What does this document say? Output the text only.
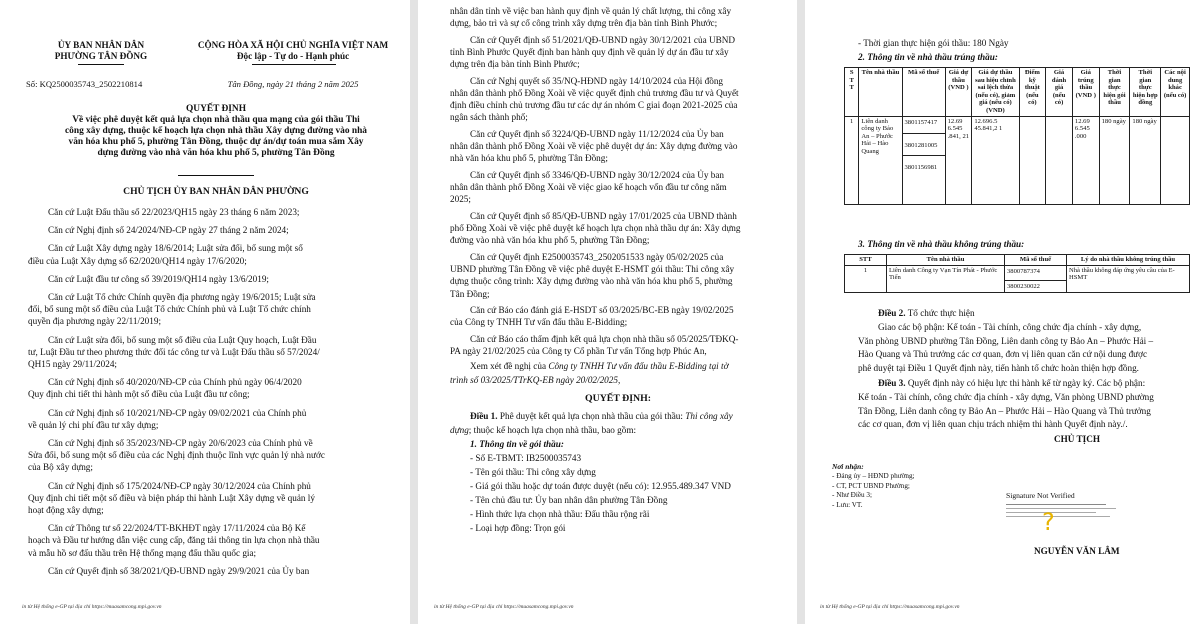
ỦY BAN NHÂN DÂN
PHƯỜNG TÂN ĐỒNG
CỘNG HÒA XÃ HỘI CHỦ NGHĨA VIỆT NAM
Độc lập - Tự do - Hạnh phúc
Số: KQ2500035743_2502210814	Tân Đồng, ngày 21 tháng 2 năm 2025
QUYẾT ĐỊNH
Về việc phê duyệt kết quả lựa chọn nhà thầu qua mạng của gói thầu Thi
công xây dựng, thuộc kế hoạch lựa chọn nhà thầu Xây dựng đường vào nhà
văn hóa khu phố 5, phường Tân Đồng, thuộc dự án/dự toán mua sắm Xây
dựng đường vào nhà văn hóa khu phố 5, phường Tân Đồng
CHỦ TỊCH ỦY BAN NHÂN DÂN PHƯỜNG
Căn cứ Luật Đấu thầu số 22/2023/QH15 ngày 23 tháng 6 năm 2023;
Căn cứ Nghị định số 24/2024/NĐ-CP ngày 27 tháng 2 năm 2024;
Căn cứ Luật Xây dựng ngày 18/6/2014; Luật sửa đổi, bổ sung một số
điều của Luật Xây dựng số 62/2020/QH14 ngày 17/6/2020;
Căn cứ Luật đầu tư công số 39/2019/QH14 ngày 13/6/2019;
Căn cứ Luật Tổ chức Chính quyền địa phương ngày 19/6/2015; Luật sửa
đổi, bổ sung một số điều của Luật Tổ chức Chính phủ và Luật Tổ chức chính
quyền địa phương ngày 22/11/2019;
Căn cứ Luật sửa đổi, bổ sung một số điều của Luật Quy hoạch, Luật Đầu
tư, Luật Đầu tư theo phương thức đối tác công tư và Luật Đấu thầu số 57/2024/
QH15 ngày 29/11/2024;
Căn cứ Nghị định số 40/2020/NĐ-CP của Chính phủ ngày 06/4/2020
Quy định chi tiết thi hành một số điều của Luật đầu tư công;
Căn cứ Nghị định số 10/2021/NĐ-CP ngày 09/02/2021 của Chính phủ
về quản lý chi phí đầu tư xây dựng;
Căn cứ Nghị định số 35/2023/NĐ-CP ngày 20/6/2023 của Chính phủ về
Sửa đổi, bổ sung một số điều của các Nghị định thuộc lĩnh vực quản lý nhà nước
của Bộ xây dựng;
Căn cứ Nghị định số 175/2024/NĐ-CP ngày 30/12/2024 của Chính phủ
Quy định chi tiết một số điều và biện pháp thi hành Luật Xây dựng về quản lý
hoạt động xây dựng;
Căn cứ Thông tư số 22/2024/TT-BKHĐT ngày 17/11/2024 của Bộ Kế
hoạch và Đầu tư hướng dẫn việc cung cấp, đăng tải thông tin lựa chọn nhà thầu
và mẫu hồ sơ đấu thầu trên Hệ thống mạng đấu thầu quốc gia;
Căn cứ Quyết định số 38/2021/QĐ-UBND ngày 29/9/2021 của Ủy ban
in từ Hệ thống e-GP tại địa chỉ https://muasamcong.mpi.gov.vn
nhân dân tỉnh về việc ban hành quy định về quản lý chất lượng, thi công xây
dựng, bảo trì và sự cố công trình xây dựng trên địa bàn tỉnh Bình Phước;
Căn cứ Quyết định số 51/2021/QĐ-UBND ngày 30/12/2021 của UBND
tỉnh Bình Phước Quyết định ban hành quy định về quản lý dự án đầu tư xây
dựng trên địa bàn tỉnh Bình Phước;
Căn cứ Nghị quyết số 35/NQ-HĐND ngày 14/10/2024 của Hội đồng
nhân dân thành phố Đồng Xoài về việc quyết định chủ trương đầu tư và Quyết
định điều chỉnh chủ trương đầu tư các dự án nhóm C giai đoạn 2021-2025 của
ngân sách thành phố;
Căn cứ Quyết định số 3224/QĐ-UBND ngày 11/12/2024 của Ủy ban
nhân dân thành phố Đồng Xoài về việc phê duyệt dự án: Xây dựng đường vào
nhà văn hóa khu phố 5, phường Tân Đồng;
Căn cứ Quyết định số 3346/QĐ-UBND ngày 30/12/2024 của Ủy ban
nhân dân thành phố Đồng Xoài về việc giao kế hoạch vốn đầu tư công năm
2025;
Căn cứ Quyết định số 85/QĐ-UBND ngày 17/01/2025 của UBND thành
phố Đồng Xoài về việc phê duyệt kế hoạch lựa chọn nhà thầu dự án: Xây dựng
đường vào nhà văn hóa khu phố 5, phường Tân Đồng;
Căn cứ Quyết định E2500035743_2502051533 ngày 05/02/2025 của
UBND phường Tân Đồng về việc phê duyệt E-HSMT gói thầu: Thi công xây
dựng thuộc công trình: Xây dựng đường vào nhà văn hóa khu phố 5, phường
Tân Đồng;
Căn cứ Báo cáo đánh giá E-HSDT số 03/2025/BC-EB ngày 19/02/2025
của Công ty TNHH Tư vấn đấu thầu E-Bidding;
Căn cứ Báo cáo thẩm định kết quả lựa chọn nhà thầu số 05/2025/TĐKQ-
PA ngày 21/02/2025 của Công ty Cổ phần Tư vấn Tổng hợp Phúc An,
Xem xét đề nghị của Công ty TNHH Tư vấn đấu thầu E-Bidding tại tờ
trình số 03/2025/TTrKQ-EB ngày 20/02/2025,
QUYẾT ĐỊNH:
Điều 1. Phê duyệt kết quả lựa chọn nhà thầu của gói thầu: Thi công xây
dựng; thuộc kế hoạch lựa chọn nhà thầu, bao gồm:
1. Thông tin về gói thầu:
- Số E-TBMT: IB2500035743
- Tên gói thầu: Thi công xây dựng
- Giá gói thầu hoặc dự toán được duyệt (nếu có): 12.955.489.347 VND
- Tên chủ đầu tư: Ủy ban nhân dân phường Tân Đồng
- Hình thức lựa chọn nhà thầu: Đấu thầu rộng rãi
- Loại hợp đồng: Trọn gói
in từ Hệ thống e-GP tại địa chỉ https://muasamcong.mpi.gov.vn
- Thời gian thực hiện gói thầu: 180 Ngày
2. Thông tin về nhà thầu trúng thầu:
S T T	Tên nhà thầu	Mã số thuế	Giá dự thầu (VND )	Giá dự thầu sau hiệu chỉnh sai lệch thừa (nếu có), giảm giá (nếu có) (VND)	Điểm kỹ thuật (nếu có)	Giá đánh giá (nếu có)	Giá trúng thầu (VND )	Thời gian thực hiện gói thầu	Thời gian thực hiện hợp đồng	Các nội dung khác (nếu có)
1	Liên danh công ty Bảo An – Phước Hải – Hào Quang	3801157417
3801281005
3801156981	12.69 6.545 .841, 21	12.696.5 45.841,2 1			12.69 6.545 .000	180 ngày	180 ngày	
3. Thông tin về nhà thầu không trúng thầu:
STT	Tên nhà thầu	Mã số thuế	Lý do nhà thầu không trúng thầu
1	Liên danh Công ty Vạn Tín Phát - Phước Tiến	3800787374
3800230022	Nhà thầu không đáp ứng yêu cầu của E-HSMT
Điều 2. Tổ chức thực hiện
Giao các bộ phận: Kế toán - Tài chính, công chức địa chính - xây dựng,
Văn phòng UBND phường Tân Đồng, Liên danh công ty Bảo An – Phước Hải –
Hào Quang và Thủ trưởng các cơ quan, đơn vị liên quan căn cứ nội dung được
phê duyệt tại Điều 1 Quyết định này, tiến hành tổ chức hoàn thiện hợp đồng.
Điều 3. Quyết định này có hiệu lực thi hành kể từ ngày ký. Các bộ phận:
Kế toán - Tài chính, công chức địa chính - xây dựng, Văn phòng UBND phường
Tân Đồng, Liên danh công ty Bảo An – Phước Hải – Hào Quang và Thủ trưởng
các cơ quan, đơn vị liên quan chịu trách nhiệm thi hành Quyết định này./.
CHỦ TỊCH
Nơi nhận:
- Đảng ủy – HĐND phường;
- CT, PCT UBND Phường;
- Như Điều 3;
- Lưu: VT.
Signature Not Verified
?
NGUYỄN VĂN LÂM
in từ Hệ thống e-GP tại địa chỉ https://muasamcong.mpi.gov.vn
